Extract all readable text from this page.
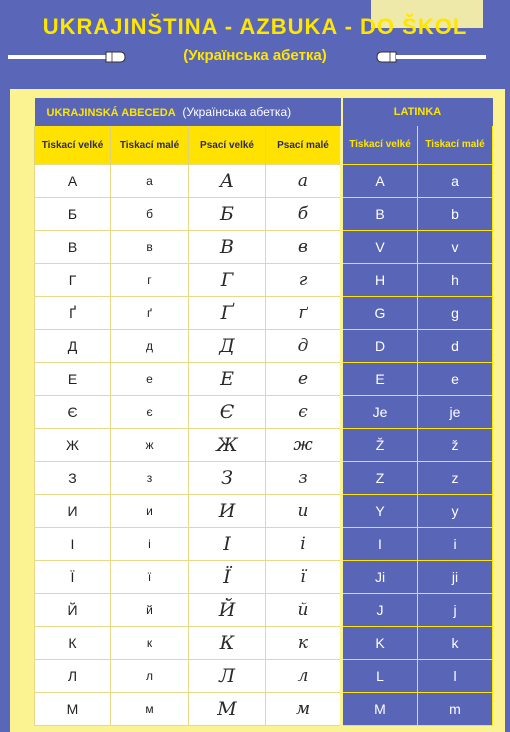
UKRAJINŠTINA - AZBUKA - DO ŠKOL
(Українська абетка)
UKRAJINSKÁ ABECEDA (Українська абетка)				LATINKA	
Tiskací velké	Tiskací malé	Psací velké	Psací malé	Tiskací velké	Tiskací malé
А	а	А	а	A	a
Б	б	Б	б	B	b
В	в	В	в	V	v
Г	г	Г	г	H	h
Ґ	ґ	Ґ	ґ	G	g
Д	д	Д	д	D	d
Е	е	Е	е	E	e
Є	є	Є	є	Je	je
Ж	ж	Ж	ж	Ž	ž
З	з	З	з	Z	z
И	и	И	и	Y	y
І	і	І	і	I	i
Ї	ї	Ї	ї	Ji	ji
Й	й	Й	й	J	j
К	к	К	к	K	k
Л	л	Л	л	L	l
М	м	М	м	M	m
